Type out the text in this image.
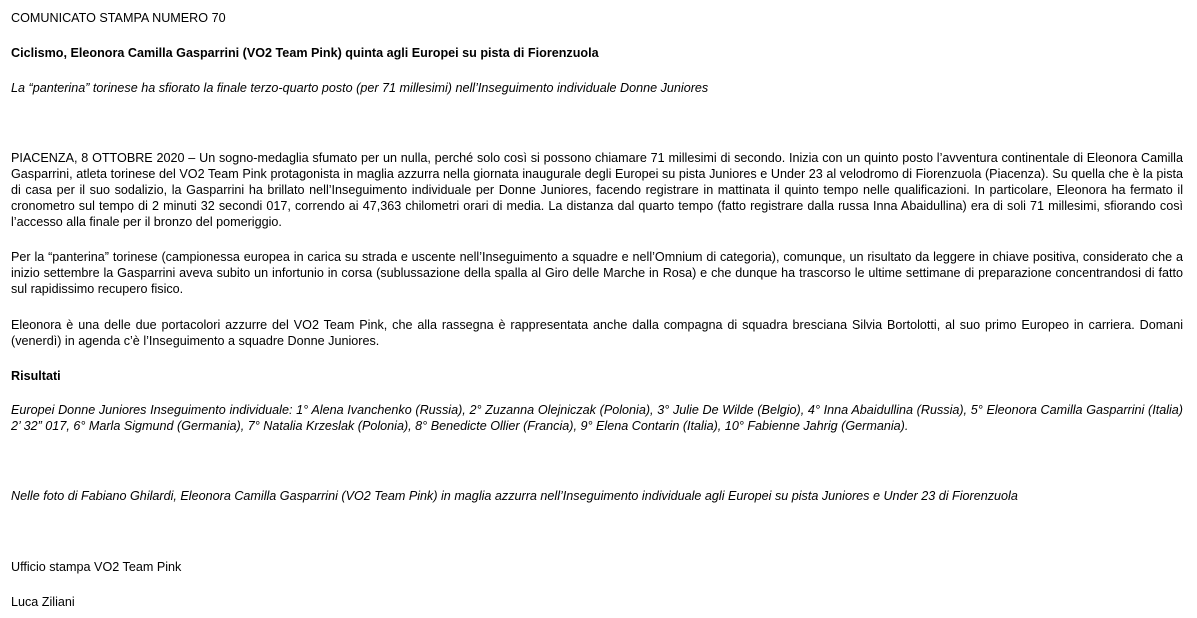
COMUNICATO STAMPA NUMERO 70

Ciclismo, Eleonora Camilla Gasparrini (VO2 Team Pink) quinta agli Europei su pista di Fiorenzuola

La “panterina” torinese ha sfiorato la finale terzo-quarto posto (per 71 millesimi) nell’Inseguimento individuale Donne Juniores

PIACENZA, 8 OTTOBRE 2020 – Un sogno-medaglia sfumato per un nulla, perché solo così si possono chiamare 71 millesimi di secondo. Inizia con un quinto posto l’avventura continentale di Eleonora Camilla Gasparrini, atleta torinese del VO2 Team Pink protagonista in maglia azzurra nella giornata inaugurale degli Europei su pista Juniores e Under 23 al velodromo di Fiorenzuola (Piacenza). Su quella che è la pista di casa per il suo sodalizio, la Gasparrini ha brillato nell’Inseguimento individuale per Donne Juniores, facendo registrare in mattinata il quinto tempo nelle qualificazioni. In particolare, Eleonora ha fermato il cronometro sul tempo di 2 minuti 32 secondi 017, correndo ai 47,363 chilometri orari di media. La distanza dal quarto tempo (fatto registrare dalla russa Inna Abaidullina) era di soli 71 millesimi, sfiorando così l’accesso alla finale per il bronzo del pomeriggio.

Per la “panterina” torinese (campionessa europea in carica su strada e uscente nell’Inseguimento a squadre e nell’Omnium di categoria), comunque, un risultato da leggere in chiave positiva, considerato che a inizio settembre la Gasparrini aveva subito un infortunio in corsa (sublussazione della spalla al Giro delle Marche in Rosa) e che dunque ha trascorso le ultime settimane di preparazione concentrandosi di fatto sul rapidissimo recupero fisico.

Eleonora è una delle due portacolori azzurre del VO2 Team Pink, che alla rassegna è rappresentata anche dalla compagna di squadra bresciana Silvia Bortolotti, al suo primo Europeo in carriera. Domani (venerdì) in agenda c’è l’Inseguimento a squadre Donne Juniores.

Risultati

Europei Donne Juniores Inseguimento individuale: 1° Alena Ivanchenko (Russia), 2° Zuzanna Olejniczak (Polonia), 3° Julie De Wilde (Belgio), 4° Inna Abaidullina (Russia), 5° Eleonora Camilla Gasparrini (Italia) 2’ 32” 017, 6° Marla Sigmund (Germania), 7° Natalia Krzeslak (Polonia), 8° Benedicte Ollier (Francia), 9° Elena Contarin (Italia), 10° Fabienne Jahrig (Germania).

Nelle foto di Fabiano Ghilardi, Eleonora Camilla Gasparrini (VO2 Team Pink) in maglia azzurra nell’Inseguimento individuale agli Europei su pista Juniores e Under 23 di Fiorenzuola

Ufficio stampa VO2 Team Pink

Luca Ziliani
